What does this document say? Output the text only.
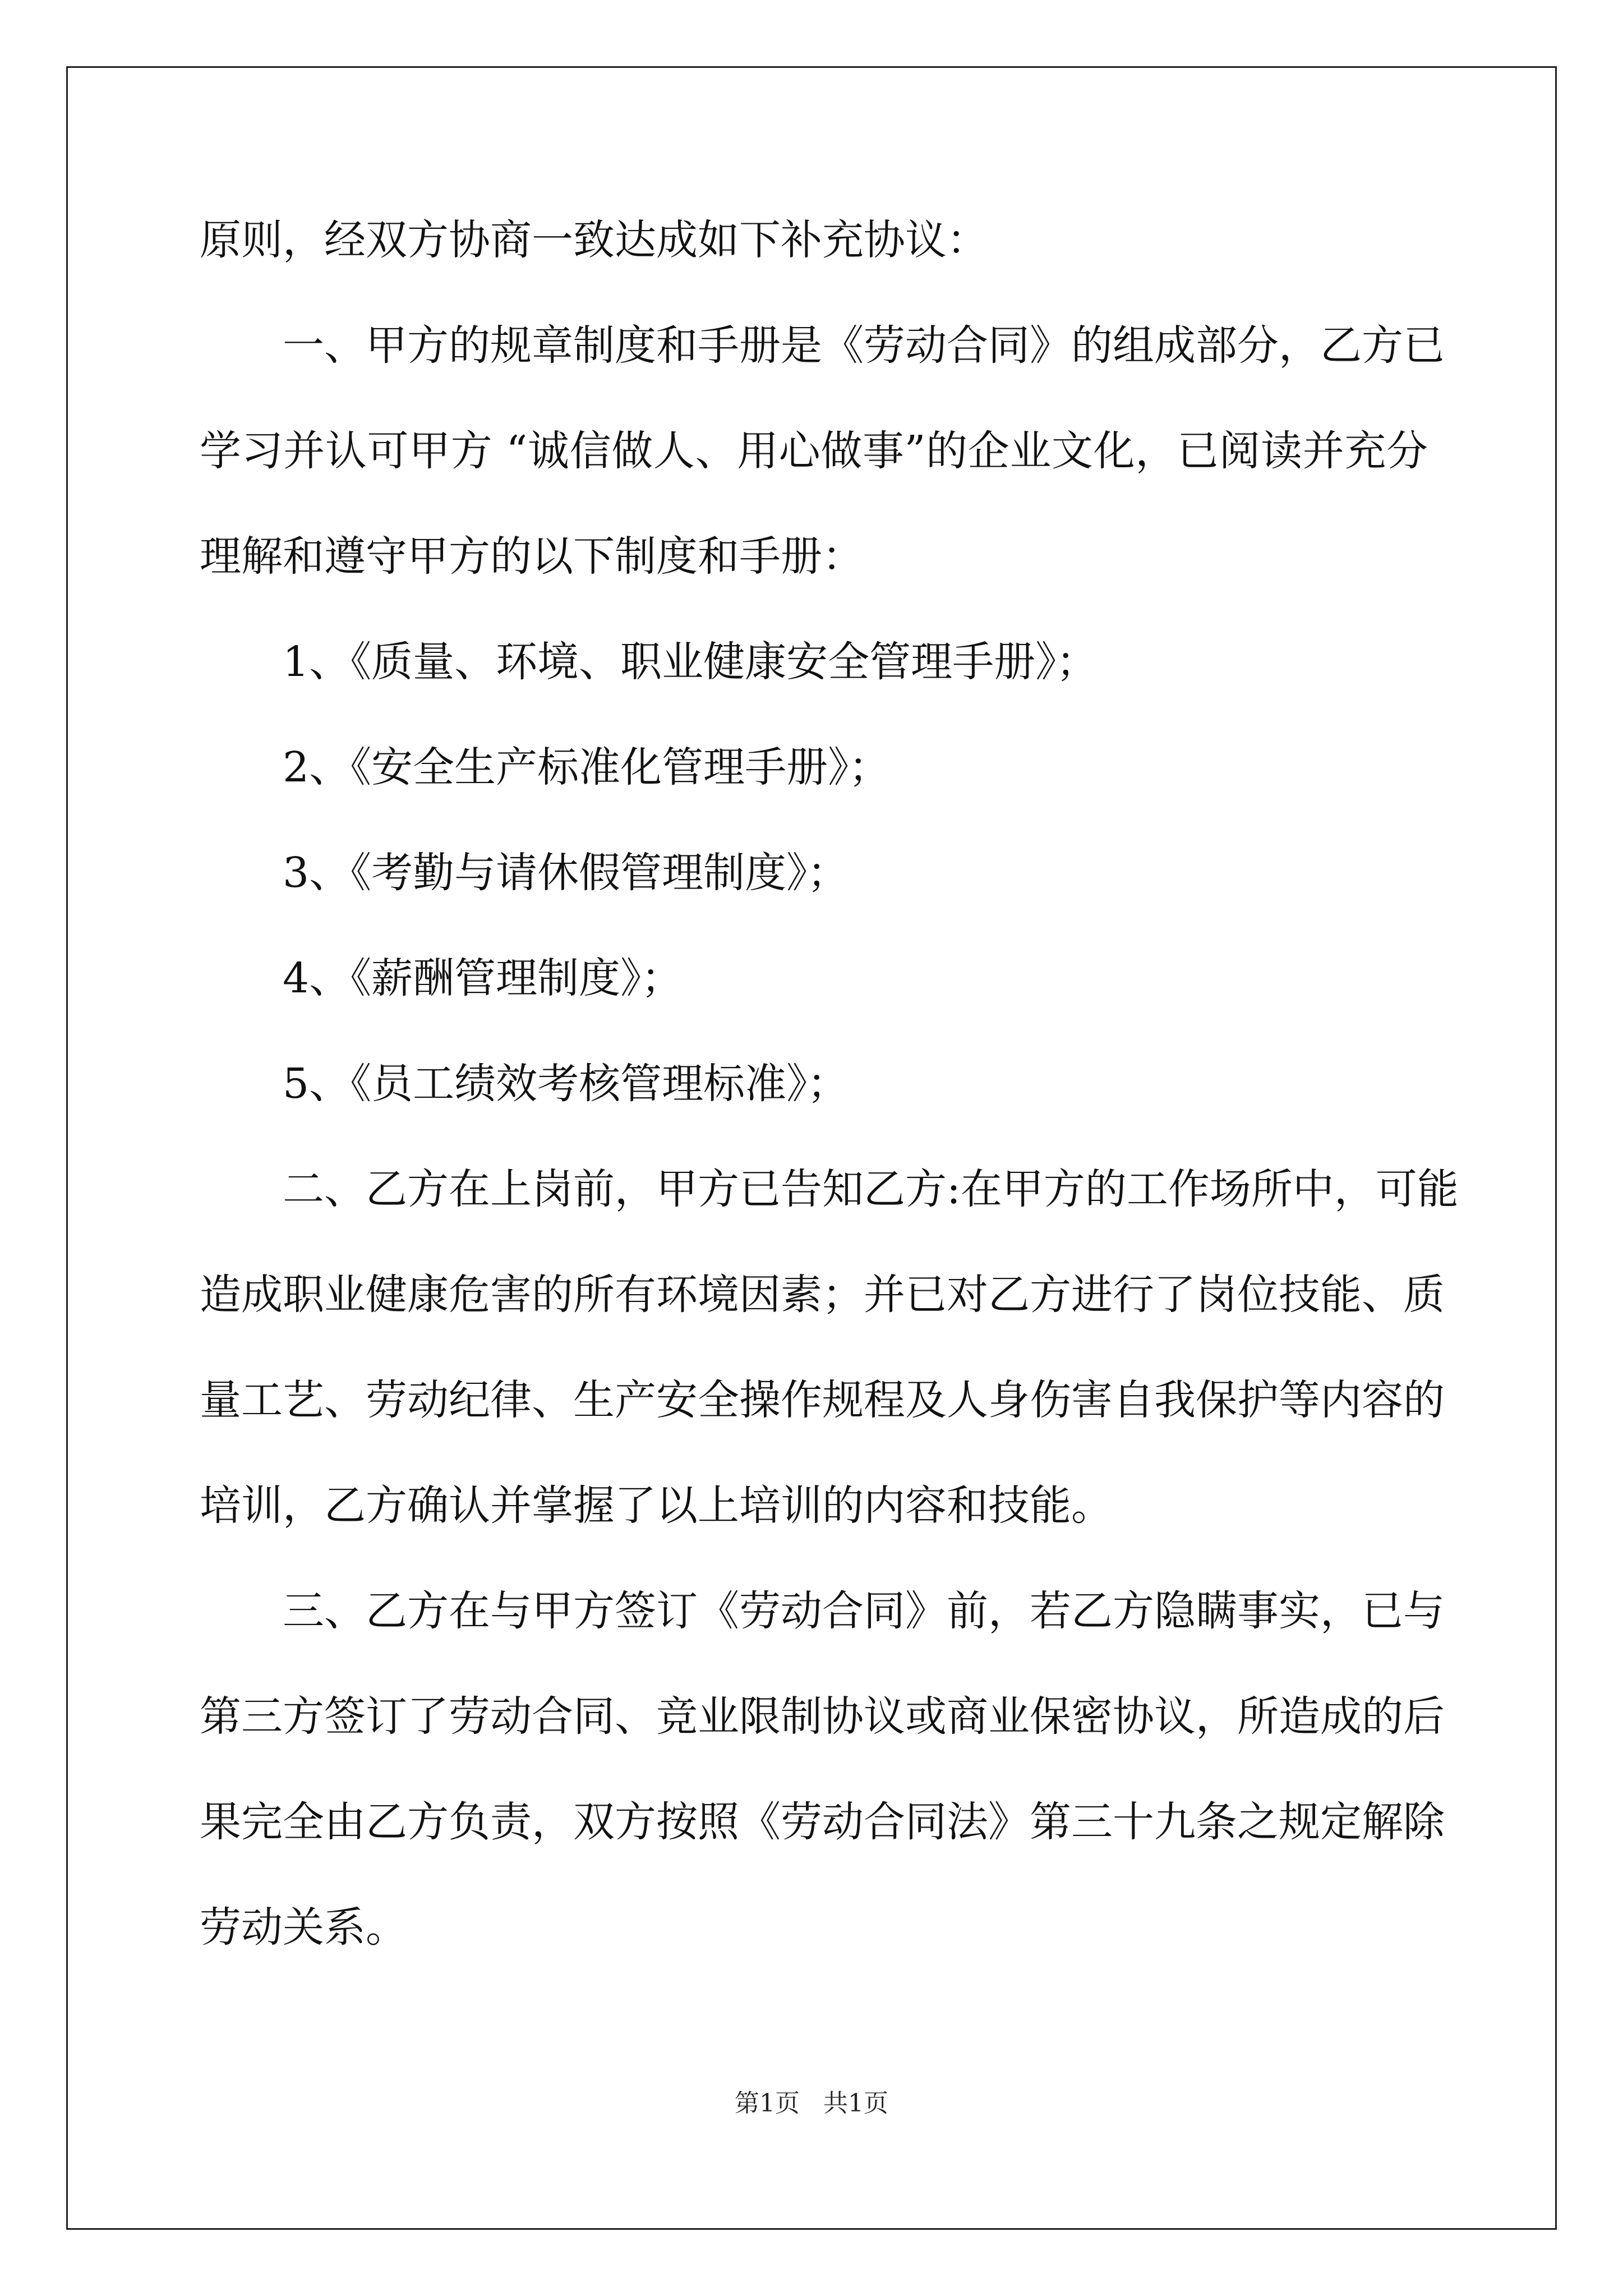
原则，经双方协商一致达成如下补充协议：
一、甲方的规章制度和手册是《劳动合同》的组成部分，乙方已
学习并认可甲方 “诚信做人、用心做事”的企业文化，已阅读并充分
理解和遵守甲方的以下制度和手册：
1、《质量、环境、职业健康安全管理手册》；
2、《安全生产标准化管理手册》；
3、《考勤与请休假管理制度》；
4、《薪酬管理制度》；
5、《员工绩效考核管理标准》；
二、乙方在上岗前，甲方已告知乙方:在甲方的工作场所中，可能
造成职业健康危害的所有环境因素；并已对乙方进行了岗位技能、质
量工艺、劳动纪律、生产安全操作规程及人身伤害自我保护等内容的
培训，乙方确认并掌握了以上培训的内容和技能。
三、乙方在与甲方签订《劳动合同》前，若乙方隐瞒事实，已与
第三方签订了劳动合同、竞业限制协议或商业保密协议，所造成的后
果完全由乙方负责，双方按照《劳动合同法》第三十九条之规定解除
劳动关系。
第1页 共1页
